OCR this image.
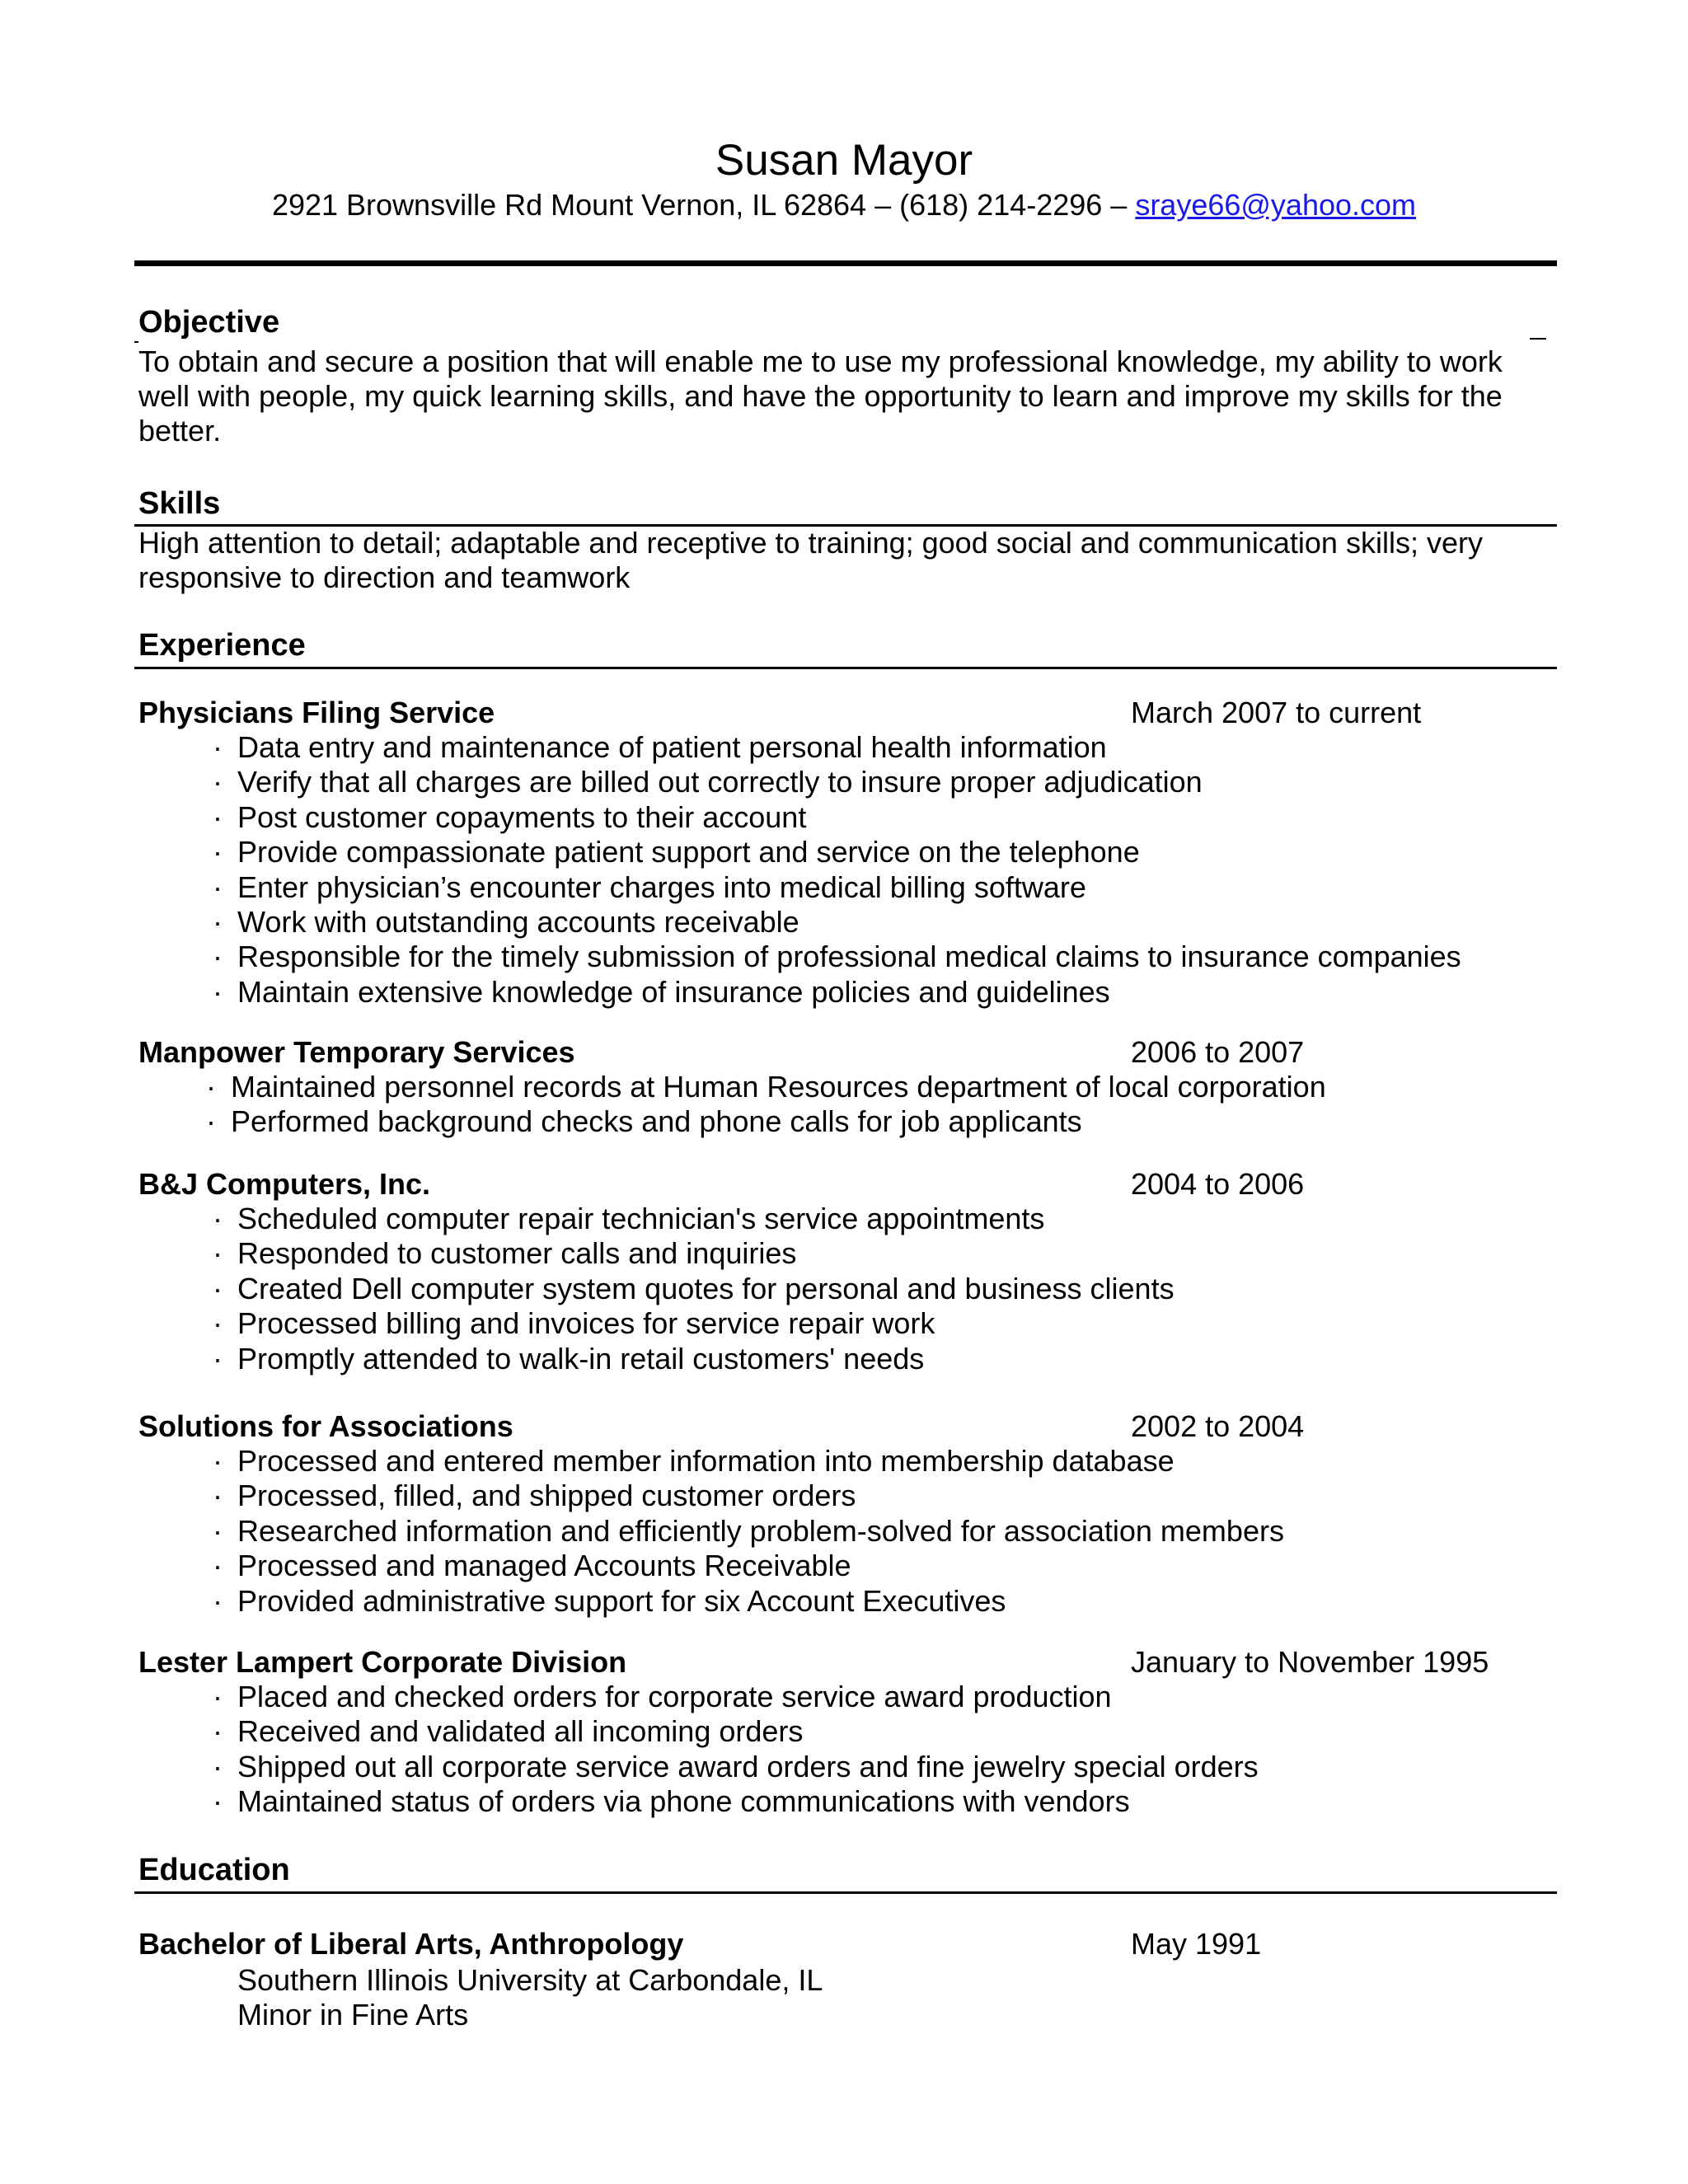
Susan Mayor
2921 Brownsville Rd Mount Vernon, IL 62864 – (618) 214-2296 – sraye66@yahoo.com
Objective
To obtain and secure a position that will enable me to use my professional knowledge, my ability to work well with people, my quick learning skills, and have the opportunity to learn and improve my skills for the better.
Skills
High attention to detail; adaptable and receptive to training; good social and communication skills; very responsive to direction and teamwork
Experience
Physicians Filing Service	March 2007 to current
· Data entry and maintenance of patient personal health information
· Verify that all charges are billed out correctly to insure proper adjudication
· Post customer copayments to their account
· Provide compassionate patient support and service on the telephone
· Enter physician’s encounter charges into medical billing software
· Work with outstanding accounts receivable
· Responsible for the timely submission of professional medical claims to insurance companies
· Maintain extensive knowledge of insurance policies and guidelines
Manpower Temporary Services	2006 to 2007
· Maintained personnel records at Human Resources department of local corporation
· Performed background checks and phone calls for job applicants
B&J Computers, Inc.	2004 to 2006
· Scheduled computer repair technician's service appointments
· Responded to customer calls and inquiries
· Created Dell computer system quotes for personal and business clients
· Processed billing and invoices for service repair work
· Promptly attended to walk-in retail customers' needs
Solutions for Associations	2002 to 2004
· Processed and entered member information into membership database
· Processed, filled, and shipped customer orders
· Researched information and efficiently problem-solved for association members
· Processed and managed Accounts Receivable
· Provided administrative support for six Account Executives
Lester Lampert Corporate Division	January to November 1995
· Placed and checked orders for corporate service award production
· Received and validated all incoming orders
· Shipped out all corporate service award orders and fine jewelry special orders
· Maintained status of orders via phone communications with vendors
Education
Bachelor of Liberal Arts, Anthropology	May 1991
Southern Illinois University at Carbondale, IL
Minor in Fine Arts
